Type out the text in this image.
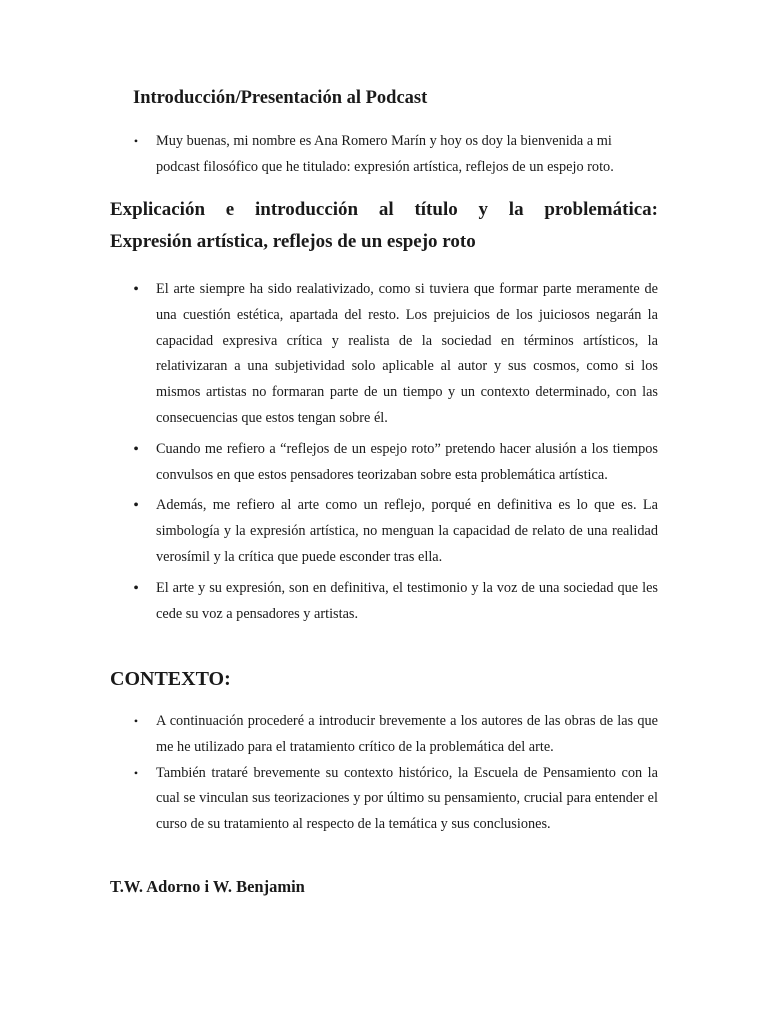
Introducción/Presentación al Podcast
• Muy buenas, mi nombre es Ana Romero Marín y hoy os doy la bienvenida a mi podcast filosófico que he titulado: expresión artística, reflejos de un espejo roto.
Explicación e introducción al título y la problemática:
Expresión artística, reflejos de un espejo roto
• El arte siempre ha sido realativizado, como si tuviera que formar parte meramente de una cuestión estética, apartada del resto. Los prejuicios de los juiciosos negarán la capacidad expresiva crítica y realista de la sociedad en términos artísticos, la relativizaran a una subjetividad solo aplicable al autor y sus cosmos, como si los mismos artistas no formaran parte de un tiempo y un contexto determinado, con las consecuencias que estos tengan sobre él.
• Cuando me refiero a “reflejos de un espejo roto” pretendo hacer alusión a los tiempos convulsos en que estos pensadores teorizaban sobre esta problemática artística.
• Además, me refiero al arte como un reflejo, porqué en definitiva es lo que es. La simbología y la expresión artística, no menguan la capacidad de relato de una realidad verosímil y la crítica que puede esconder tras ella.
• El arte y su expresión, son en definitiva, el testimonio y la voz de una sociedad que les cede su voz a pensadores y artistas.
CONTEXTO:
• A continuación procederé a introducir brevemente a los autores de las obras de las que me he utilizado para el tratamiento crítico de la problemática del arte.
• También trataré brevemente su contexto histórico, la Escuela de Pensamiento con la cual se vinculan sus teorizaciones y por último su pensamiento, crucial para entender el curso de su tratamiento al respecto de la temática y sus conclusiones.
T.W. Adorno i W. Benjamin
